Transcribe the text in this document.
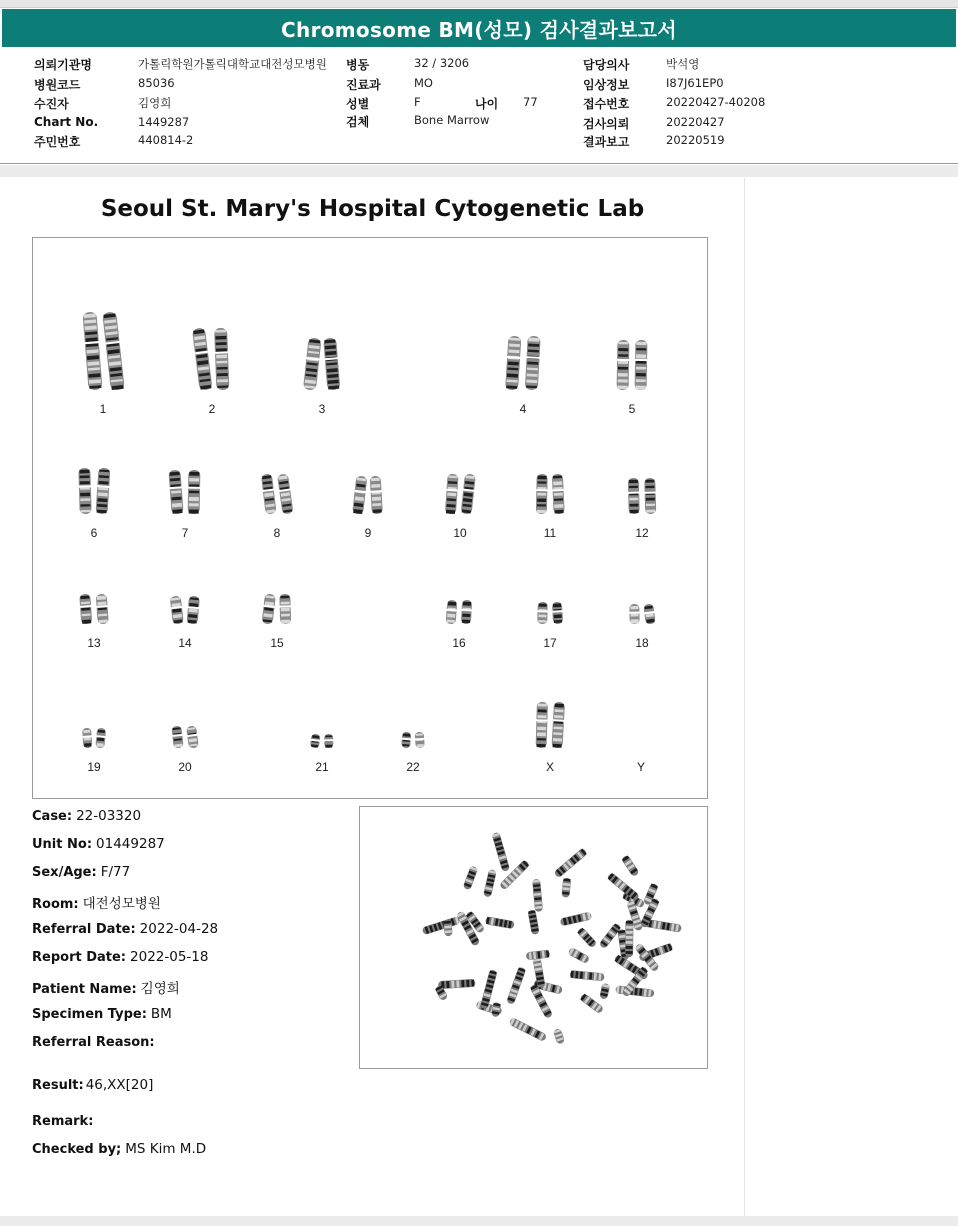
Chromosome BM(성모) 검사결과보고서
의뢰기관명	가톨릭학원가톨릭대학교대전성모병원
병원코드	85036
수진자	김영희
Chart No.	1449287
주민번호	440814-2
병동	32 / 3206
진료과	MO
성별	F	나이 77
검체	Bone Marrow
담당의사	박석영
임상정보	I87J61EP0
접수번호	20220427-40208
검사의뢰	20220427
결과보고	20220519
Seoul St. Mary's Hospital Cytogenetic Lab
1	2	3	4	5
6	7	8	9	10	11	12
13	14	15	16	17	18
19	20	21	22	X	Y
Case: 22-03320
Unit No: 01449287
Sex/Age: F/77
Room: 대전성모병원
Referral Date: 2022-04-28
Report Date: 2022-05-18
Patient Name: 김영희
Specimen Type: BM
Referral Reason:
Result: 46,XX[20]
Remark:
Checked by; MS Kim M.D
